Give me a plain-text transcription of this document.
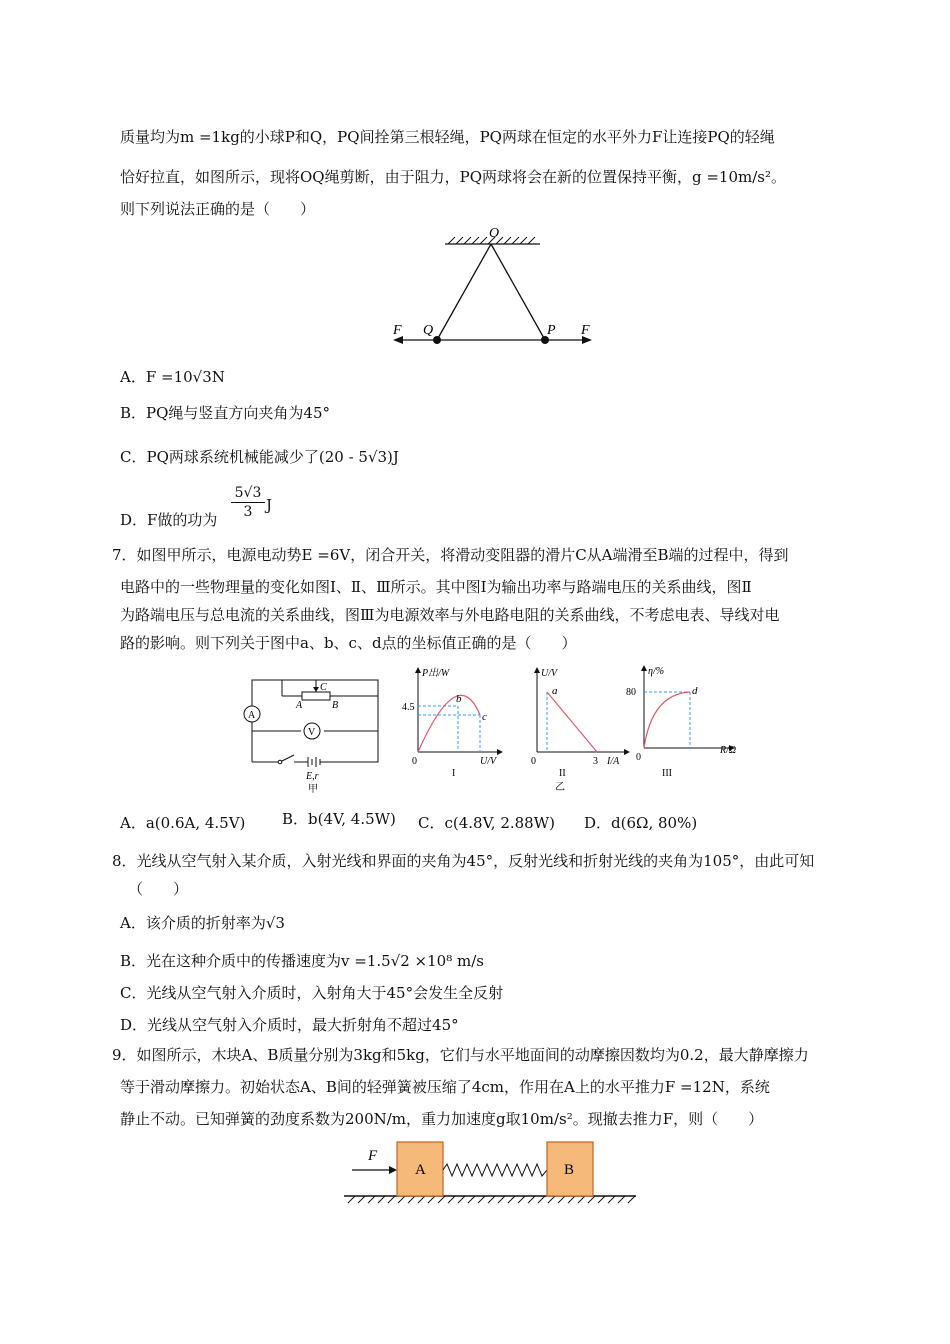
质量均为m =1kg的小球P和Q，PQ间拴第三根轻绳，PQ两球在恒定的水平外力F让连接PQ的轻绳
恰好拉直，如图所示，现将OQ绳剪断，由于阻力，PQ两球将会在新的位置保持平衡，g =10m/s²。
则下列说法正确的是（　　）
O
Q	P
F	F
A．F =10√3N
B．PQ绳与竖直方向夹角为45°
C．PQ两球系统机械能减少了(20 - 5√3)J
D．F做的功为 $\frac{5√3}{3}$ J
7．如图甲所示，电源电动势E =6V，闭合开关，将滑动变阻器的滑片C从A端滑至B端的过程中，得到
电路中的一些物理量的变化如图Ⅰ、Ⅱ、Ⅲ所示。其中图Ⅰ为输出功率与路端电压的关系曲线，图Ⅱ
为路端电压与总电流的关系曲线，图Ⅲ为电源效率与外电路电阻的关系曲线，不考虑电表、导线对电
路的影响。则下列关于图中a、b、c、d点的坐标值正确的是（　　）
A
V
C
A	B
E,r
甲
P出/W
4.5
0	U/V
b
c
I
U/V
a
0	3 I/A
II
乙
η/%
80	d
0
R/Ω
III
A．a(0.6A, 4.5V) B．b(4V, 4.5W) C．c(4.8V, 2.88W) D．d(6Ω, 80%)
8．光线从空气射入某介质，入射光线和界面的夹角为45°，反射光线和折射光线的夹角为105°，由此可知
（　　）
A．该介质的折射率为√3
B．光在这种介质中的传播速度为v =1.5√2 ×10⁸ m/s
C．光线从空气射入介质时，入射角大于45°会发生全反射
D．光线从空气射入介质时，最大折射角不超过45°
9．如图所示，木块A、B质量分别为3kg和5kg，它们与水平地面间的动摩擦因数均为0.2，最大静摩擦力
等于滑动摩擦力。初始状态A、B间的轻弹簧被压缩了4cm，作用在A上的水平推力F =12N，系统
静止不动。已知弹簧的劲度系数为200N/m，重力加速度g取10m/s²。现撤去推力F，则（　　）
F
A	B
